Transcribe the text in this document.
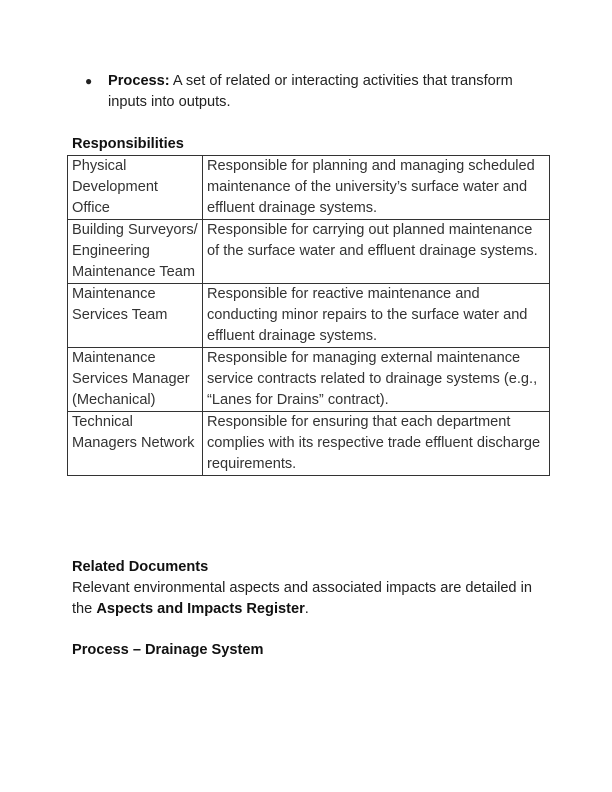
●	Process: A set of related or interacting activities that transform inputs into outputs.
Responsibilities
Physical Development Office	Responsible for planning and managing scheduled maintenance of the university’s surface water and effluent drainage systems.
Building Surveyors/ Engineering Maintenance Team	Responsible for carrying out planned maintenance of the surface water and effluent drainage systems.
Maintenance Services Team	Responsible for reactive maintenance and conducting minor repairs to the surface water and effluent drainage systems.
Maintenance Services Manager (Mechanical)	Responsible for managing external maintenance service contracts related to drainage systems (e.g., “Lanes for Drains” contract).
Technical Managers Network	Responsible for ensuring that each department complies with its respective trade effluent discharge requirements.
Related Documents
Relevant environmental aspects and associated impacts are detailed in the Aspects and Impacts Register.
Process – Drainage System
